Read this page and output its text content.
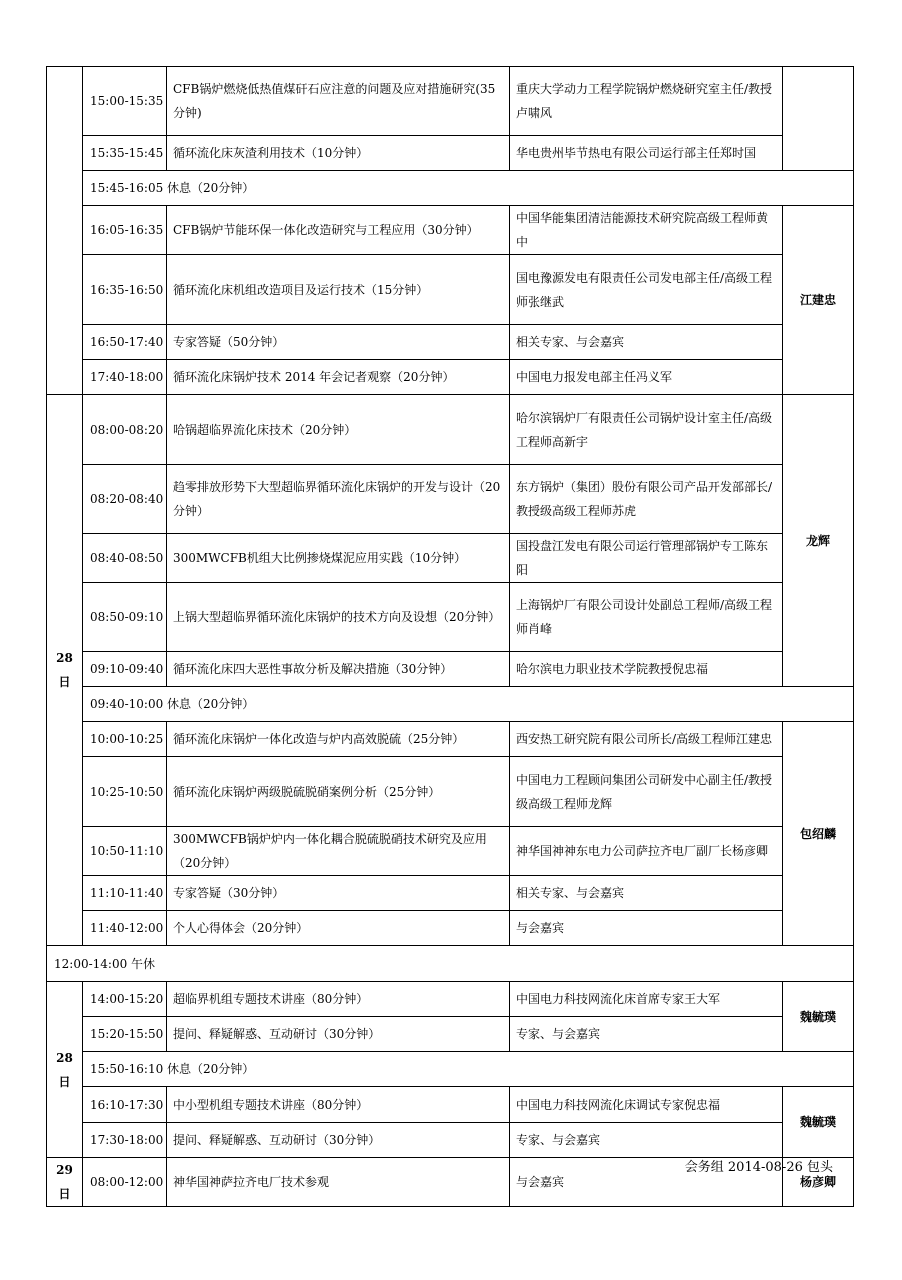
	15:00-15:35	CFB锅炉燃烧低热值煤矸石应注意的问题及应对措施研究(35分钟)	重庆大学动力工程学院锅炉燃烧研究室主任/教授卢啸风	
	15:35-15:45	循环流化床灰渣利用技术（10分钟）	华电贵州毕节热电有限公司运行部主任郑时国	
	15:45-16:05 休息（20分钟）			
	16:05-16:35	CFB锅炉节能环保一体化改造研究与工程应用（30分钟）	中国华能集团清洁能源技术研究院高级工程师黄中	江建忠
	16:35-16:50	循环流化床机组改造项目及运行技术（15分钟）	国电豫源发电有限责任公司发电部主任/高级工程师张继武	
	16:50-17:40	专家答疑（50分钟）	相关专家、与会嘉宾	
	17:40-18:00	循环流化床锅炉技术 2014 年会记者观察（20分钟）	中国电力报发电部主任冯义军	
28日	08:00-08:20	哈锅超临界流化床技术（20分钟）	哈尔滨锅炉厂有限责任公司锅炉设计室主任/高级工程师高新宇	龙辉
	08:20-08:40	趋零排放形势下大型超临界循环流化床锅炉的开发与设计（20分钟）	东方锅炉（集团）股份有限公司产品开发部部长/教授级高级工程师苏虎	
	08:40-08:50	300MWCFB机组大比例掺烧煤泥应用实践（10分钟）	国投盘江发电有限公司运行管理部锅炉专工陈东阳	
	08:50-09:10	上锅大型超临界循环流化床锅炉的技术方向及设想（20分钟）	上海锅炉厂有限公司设计处副总工程师/高级工程师肖峰	
	09:10-09:40	循环流化床四大恶性事故分析及解决措施（30分钟）	哈尔滨电力职业技术学院教授倪忠福	
	09:40-10:00 休息（20分钟）			
	10:00-10:25	循环流化床锅炉一体化改造与炉内高效脱硫（25分钟）	西安热工研究院有限公司所长/高级工程师江建忠	包绍麟
	10:25-10:50	循环流化床锅炉两级脱硫脱硝案例分析（25分钟）	中国电力工程顾问集团公司研发中心副主任/教授级高级工程师龙辉	
	10:50-11:10	300MWCFB锅炉炉内一体化耦合脱硫脱硝技术研究及应用（20分钟）	神华国神神东电力公司萨拉齐电厂副厂长杨彦卿	
	11:10-11:40	专家答疑（30分钟）	相关专家、与会嘉宾	
	11:40-12:00	个人心得体会（20分钟）	与会嘉宾	
12:00-14:00 午休				
28日	14:00-15:20	超临界机组专题技术讲座（80分钟）	中国电力科技网流化床首席专家王大军	魏毓璞
	15:20-15:50	提问、释疑解惑、互动研讨（30分钟）	专家、与会嘉宾	
	15:50-16:10 休息（20分钟）			
	16:10-17:30	中小型机组专题技术讲座（80分钟）	中国电力科技网流化床调试专家倪忠福	魏毓璞
	17:30-18:00	提问、释疑解惑、互动研讨（30分钟）	专家、与会嘉宾	
29日	08:00-12:00	神华国神萨拉齐电厂技术参观	与会嘉宾	杨彦卿
会务组 2014-08-26 包头
